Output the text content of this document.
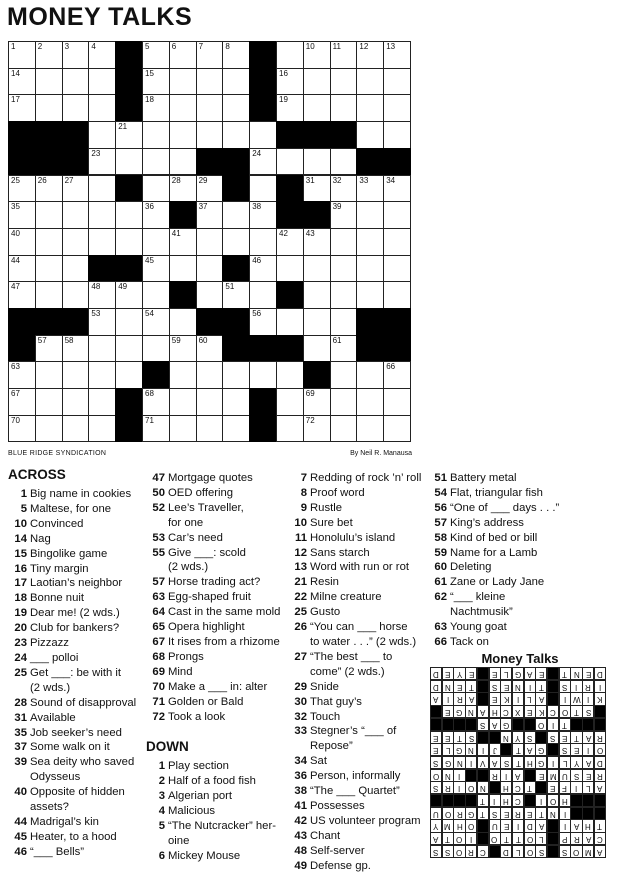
MONEY TALKS
1	2	3	4	5	6	7	8	10 11 12 13
14	15	16
17	18	19
21
23	24
25 26 27	28 29	31 32 33 34
35	36	37	38	39
40	41	42 43
44	45	46
47	48 49	51
53	54	56
57 58	59 60	61
63	66
67	68	69
70	71	72
BLUE RIDGE SYNDICATION	By Neil R. Manausa
ACROSS
1 Big name in cookies
5 Maltese, for one
10 Convinced
14 Nag
15 Bingolike game
16 Tiny margin
17 Laotian’s neighbor
18 Bonne nuit
19 Dear me! (2 wds.)
20 Club for bankers?
23 Pizzazz
24 ___ polloi
25 Get ___: be with it
(2 wds.)
28 Sound of disapproval
31 Available
35 Job seeker’s need
37 Some walk on it
39 Sea deity who saved
Odysseus
40 Opposite of hidden
assets?
44 Madrigal’s kin
45 Heater, to a hood
46 “___ Bells”
47 Mortgage quotes
50 OED offering
52 Lee’s Traveller,
for one
53 Car’s need
55 Give ___: scold
(2 wds.)
57 Horse trading act?
63 Egg-shaped fruit
64 Cast in the same mold
65 Opera highlight
67 It rises from a rhizome
68 Prongs
69 Mind
70 Make a ___ in: alter
71 Golden or Bald
72 Took a look
DOWN
1 Play section
2 Half of a food fish
3 Algerian port
4 Malicious
5 “The Nutcracker” her-
oine
6 Mickey Mouse
7 Redding of rock ’n’ roll
8 Proof word
9 Rustle
10 Sure bet
11 Honolulu’s island
12 Sans starch
13 Word with run or rot
21 Resin
22 Milne creature
25 Gusto
26 “You can ___ horse
to water . . .” (2 wds.)
27 “The best ___ to
come” (2 wds.)
29 Snide
30 That guy’s
32 Touch
33 Stegner’s “___ of
Repose”
34 Sat
36 Person, informally
38 “The ___ Quartet”
41 Possesses
42 US volunteer program
43 Chant
48 Self-server
49 Defense gp.
51 Battery metal
54 Flat, triangular fish
56 “One of ___ days . . .”
57 King’s address
58 Kind of bed or bill
59 Name for a Lamb
60 Deleting
61 Zane or Lady Jane
62 “___ kleine
Nachtmusik”
63 Young goat
66 Tack on
Money Talks
D E Y E	E L G A E	T N E D
D N E T	S E N I	T	S I R I
A I R A	E K I	L A	I W I K
E G N A H C X E K C O T S
S A G	O I	T
E E T S	N Y S	S E T A R
E L G N I	J	T A G	S E I O
S G N I V A S T H G I	L Y A D
O N I	R I A	E M U S E R
S R I O N	H C T	E F	I	L A
T	I H C	I O H
U O R G T S E R E T N I
Y M H O	U E I D A	I A H T
A T O I	O T T O L	P R A C
S S O R C	D L O S	S O M A
